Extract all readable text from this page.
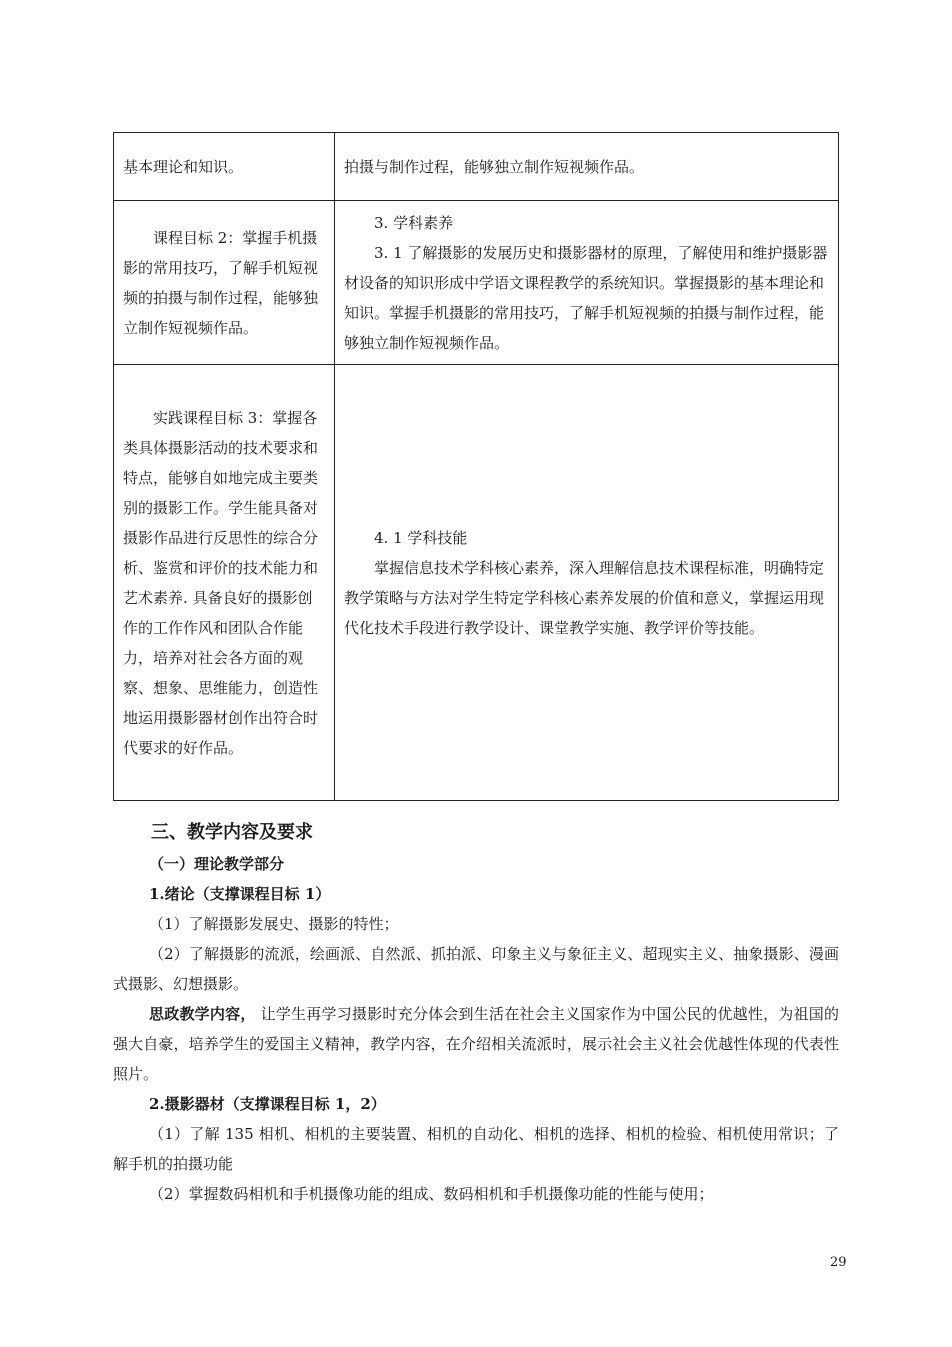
基本理论和知识。	拍摄与制作过程，能够独立制作短视频作品。

课程目标 2：掌握手机摄影的常用技巧，了解手机短视频的拍摄与制作过程，能够独立制作短视频作品。	3. 学科素养
3. 1 了解摄影的发展历史和摄影器材的原理，了解使用和维护摄影器材设备的知识形成中学语文课程教学的系统知识。掌握摄影的基本理论和知识。掌握手机摄影的常用技巧，了解手机短视频的拍摄与制作过程，能够独立制作短视频作品。

实践课程目标 3：掌握各类具体摄影活动的技术要求和特点，能够自如地完成主要类别的摄影工作。学生能具备对摄影作品进行反思性的综合分析、鉴赏和评价的技术能力和艺术素养. 具备良好的摄影创作的工作作风和团队合作能力，培养对社会各方面的观察、想象、思维能力，创造性地运用摄影器材创作出符合时代要求的好作品。	4. 1 学科技能
掌握信息技术学科核心素养，深入理解信息技术课程标准，明确特定教学策略与方法对学生特定学科核心素养发展的价值和意义，掌握运用现代化技术手段进行教学设计、课堂教学实施、教学评价等技能。

三、教学内容及要求

（一）理论教学部分

1.绪论（支撑课程目标 1）

（1）了解摄影发展史、摄影的特性；

（2）了解摄影的流派，绘画派、自然派、抓拍派、印象主义与象征主义、超现实主义、抽象摄影、漫画式摄影、幻想摄影。

思政教学内容， 让学生再学习摄影时充分体会到生活在社会主义国家作为中国公民的优越性，为祖国的强大自豪，培养学生的爱国主义精神，教学内容，在介绍相关流派时，展示社会主义社会优越性体现的代表性照片。

2.摄影器材（支撑课程目标 1，2）

（1）了解 135 相机、相机的主要装置、相机的自动化、相机的选择、相机的检验、相机使用常识；了解手机的拍摄功能

（2）掌握数码相机和手机摄像功能的组成、数码相机和手机摄像功能的性能与使用；

29
